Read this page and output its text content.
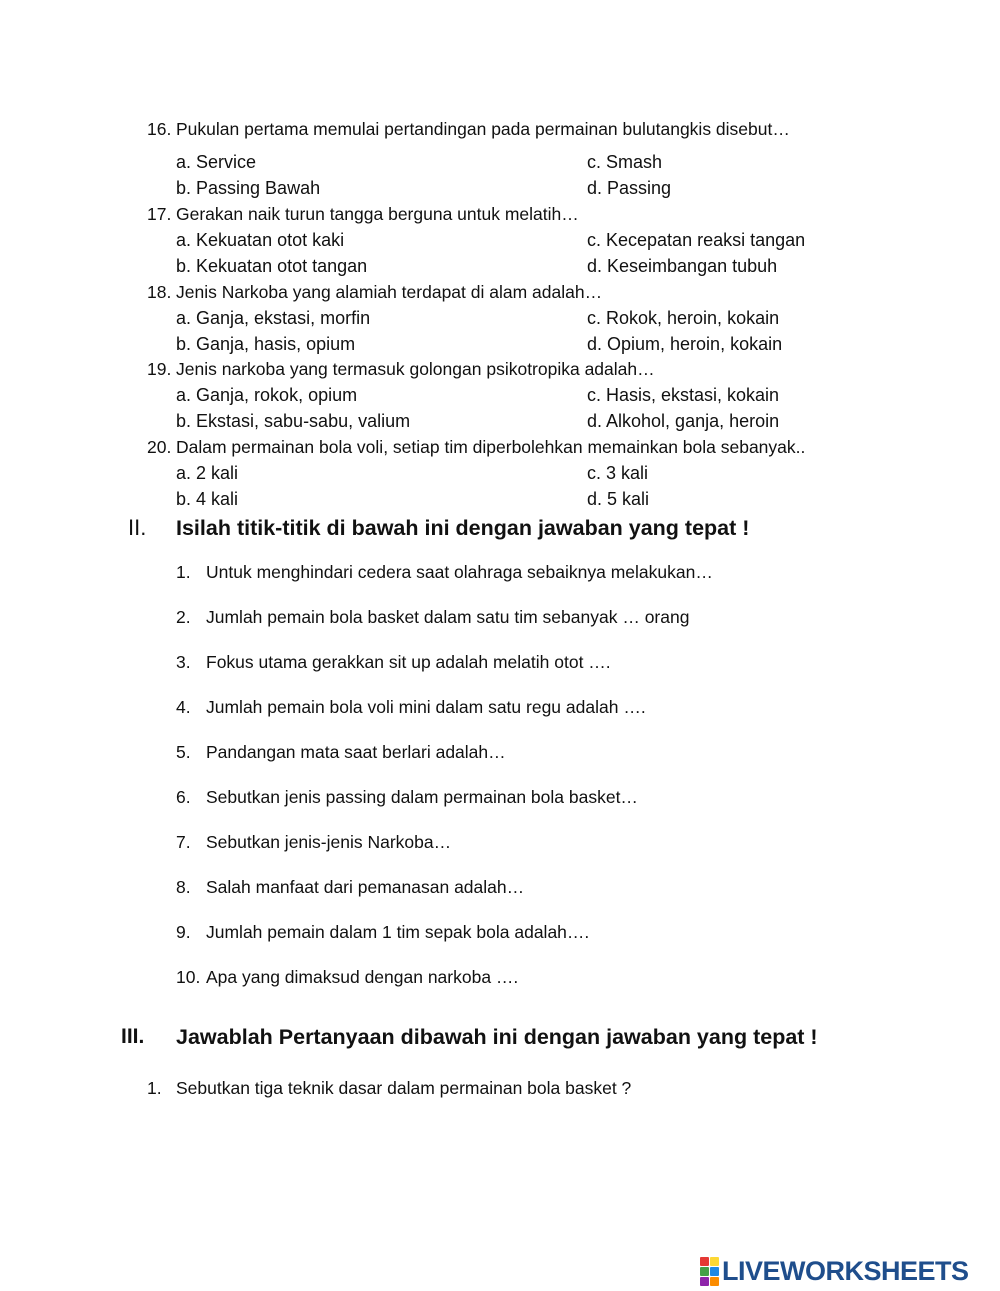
16. Pukulan pertama memulai pertandingan pada permainan bulutangkis disebut…
a. Service	c. Smash
b. Passing Bawah	d. Passing
17. Gerakan naik turun tangga berguna untuk melatih…
a. Kekuatan otot kaki	c. Kecepatan reaksi tangan
b. Kekuatan otot tangan	d. Keseimbangan tubuh
18. Jenis Narkoba yang alamiah terdapat di alam adalah…
a. Ganja, ekstasi, morfin	c. Rokok, heroin, kokain
b. Ganja, hasis, opium	d. Opium, heroin, kokain
19. Jenis narkoba yang termasuk golongan psikotropika adalah…
a. Ganja, rokok, opium	c. Hasis, ekstasi, kokain
b. Ekstasi, sabu-sabu, valium	d. Alkohol, ganja, heroin
20. Dalam permainan bola voli, setiap tim diperbolehkan memainkan bola sebanyak..
a. 2 kali	c. 3 kali
b. 4 kali	d. 5 kali
II. Isilah titik-titik di bawah ini dengan jawaban yang tepat !
1. Untuk menghindari cedera saat olahraga sebaiknya melakukan…
2. Jumlah pemain bola basket dalam satu tim sebanyak … orang
3. Fokus utama gerakkan sit up adalah melatih otot ….
4. Jumlah pemain bola voli mini dalam satu regu adalah ….
5. Pandangan mata saat berlari adalah…
6. Sebutkan jenis passing dalam permainan bola basket…
7. Sebutkan jenis-jenis Narkoba…
8. Salah manfaat dari pemanasan adalah…
9. Jumlah pemain dalam 1 tim sepak bola adalah….
10. Apa yang dimaksud dengan narkoba ….
III. Jawablah Pertanyaan dibawah ini dengan jawaban yang tepat !
1. Sebutkan tiga teknik dasar dalam permainan bola basket ?
LIVEWORKSHEETS
